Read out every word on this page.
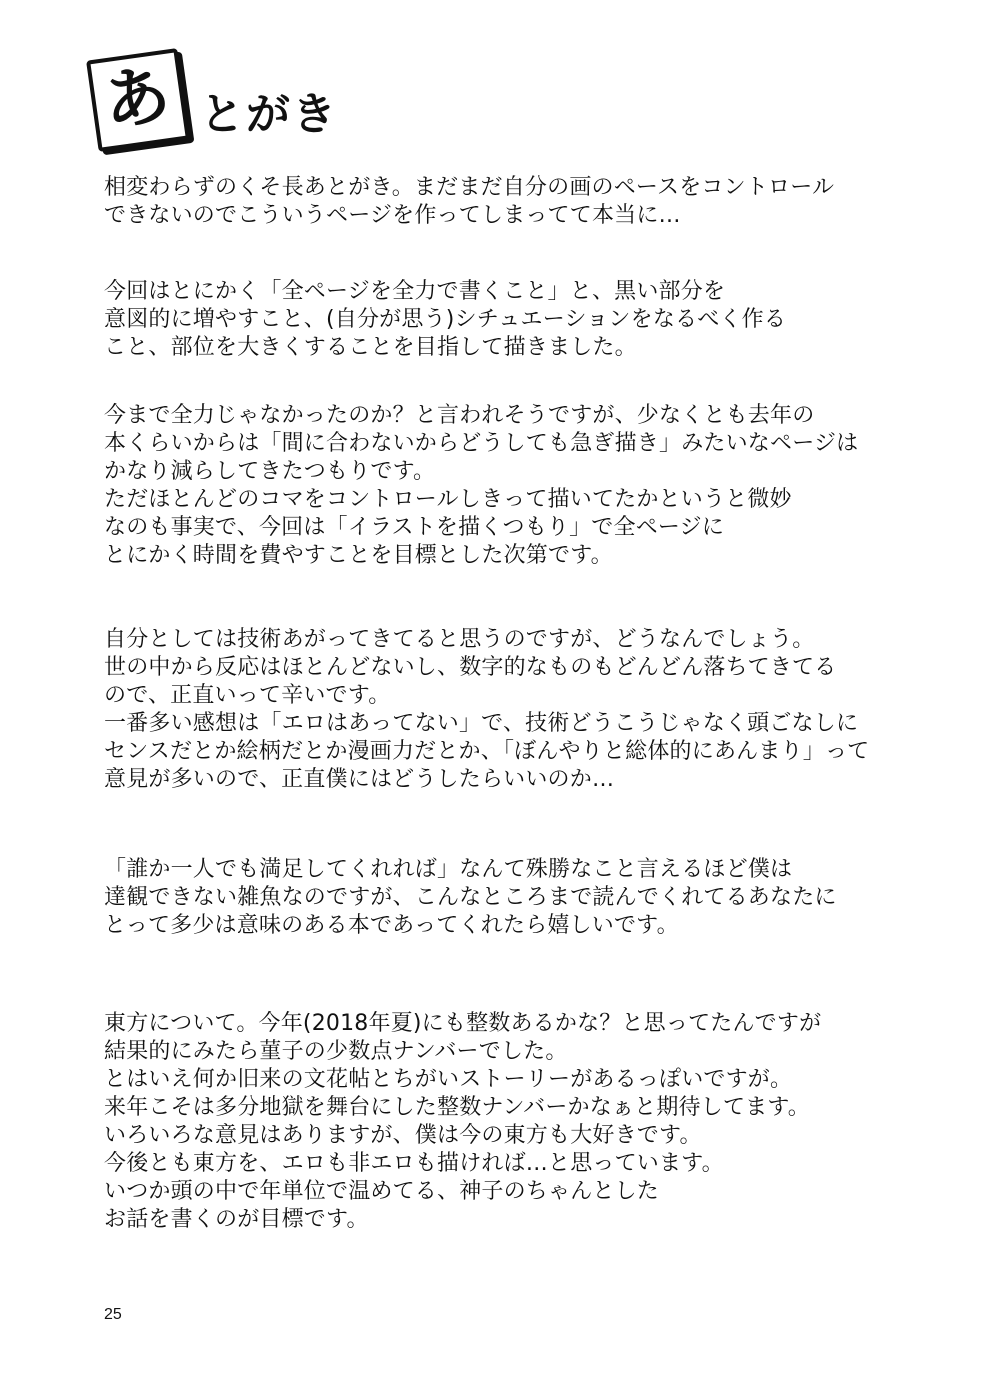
あ とがき
相変わらずのくそ長あとがき。まだまだ自分の画のペースをコントロール
できないのでこういうページを作ってしまってて本当に…
今回はとにかく「全ページを全力で書くこと」と、黒い部分を
意図的に増やすこと、(自分が思う)シチュエーションをなるべく作る
こと、部位を大きくすることを目指して描きました。
今まで全力じゃなかったのか？と言われそうですが、少なくとも去年の
本くらいからは「間に合わないからどうしても急ぎ描き」みたいなページは
かなり減らしてきたつもりです。
ただほとんどのコマをコントロールしきって描いてたかというと微妙
なのも事実で、今回は「イラストを描くつもり」で全ページに
とにかく時間を費やすことを目標とした次第です。
自分としては技術あがってきてると思うのですが、どうなんでしょう。
世の中から反応はほとんどないし、数字的なものもどんどん落ちてきてる
ので、正直いって辛いです。
一番多い感想は「エロはあってない」で、技術どうこうじゃなく頭ごなしに
センスだとか絵柄だとか漫画力だとか、「ぼんやりと総体的にあんまり」って
意見が多いので、正直僕にはどうしたらいいのか…
「誰か一人でも満足してくれれば」なんて殊勝なこと言えるほど僕は
達観できない雑魚なのですが、こんなところまで読んでくれてるあなたに
とって多少は意味のある本であってくれたら嬉しいです。
東方について。今年(2018年夏)にも整数あるかな？と思ってたんですが
結果的にみたら菫子の少数点ナンバーでした。
とはいえ何か旧来の文花帖とちがいストーリーがあるっぽいですが。
来年こそは多分地獄を舞台にした整数ナンバーかなぁと期待してます。
いろいろな意見はありますが、僕は今の東方も大好きです。
今後とも東方を、エロも非エロも描ければ…と思っています。
いつか頭の中で年単位で温めてる、神子のちゃんとした
お話を書くのが目標です。
25
